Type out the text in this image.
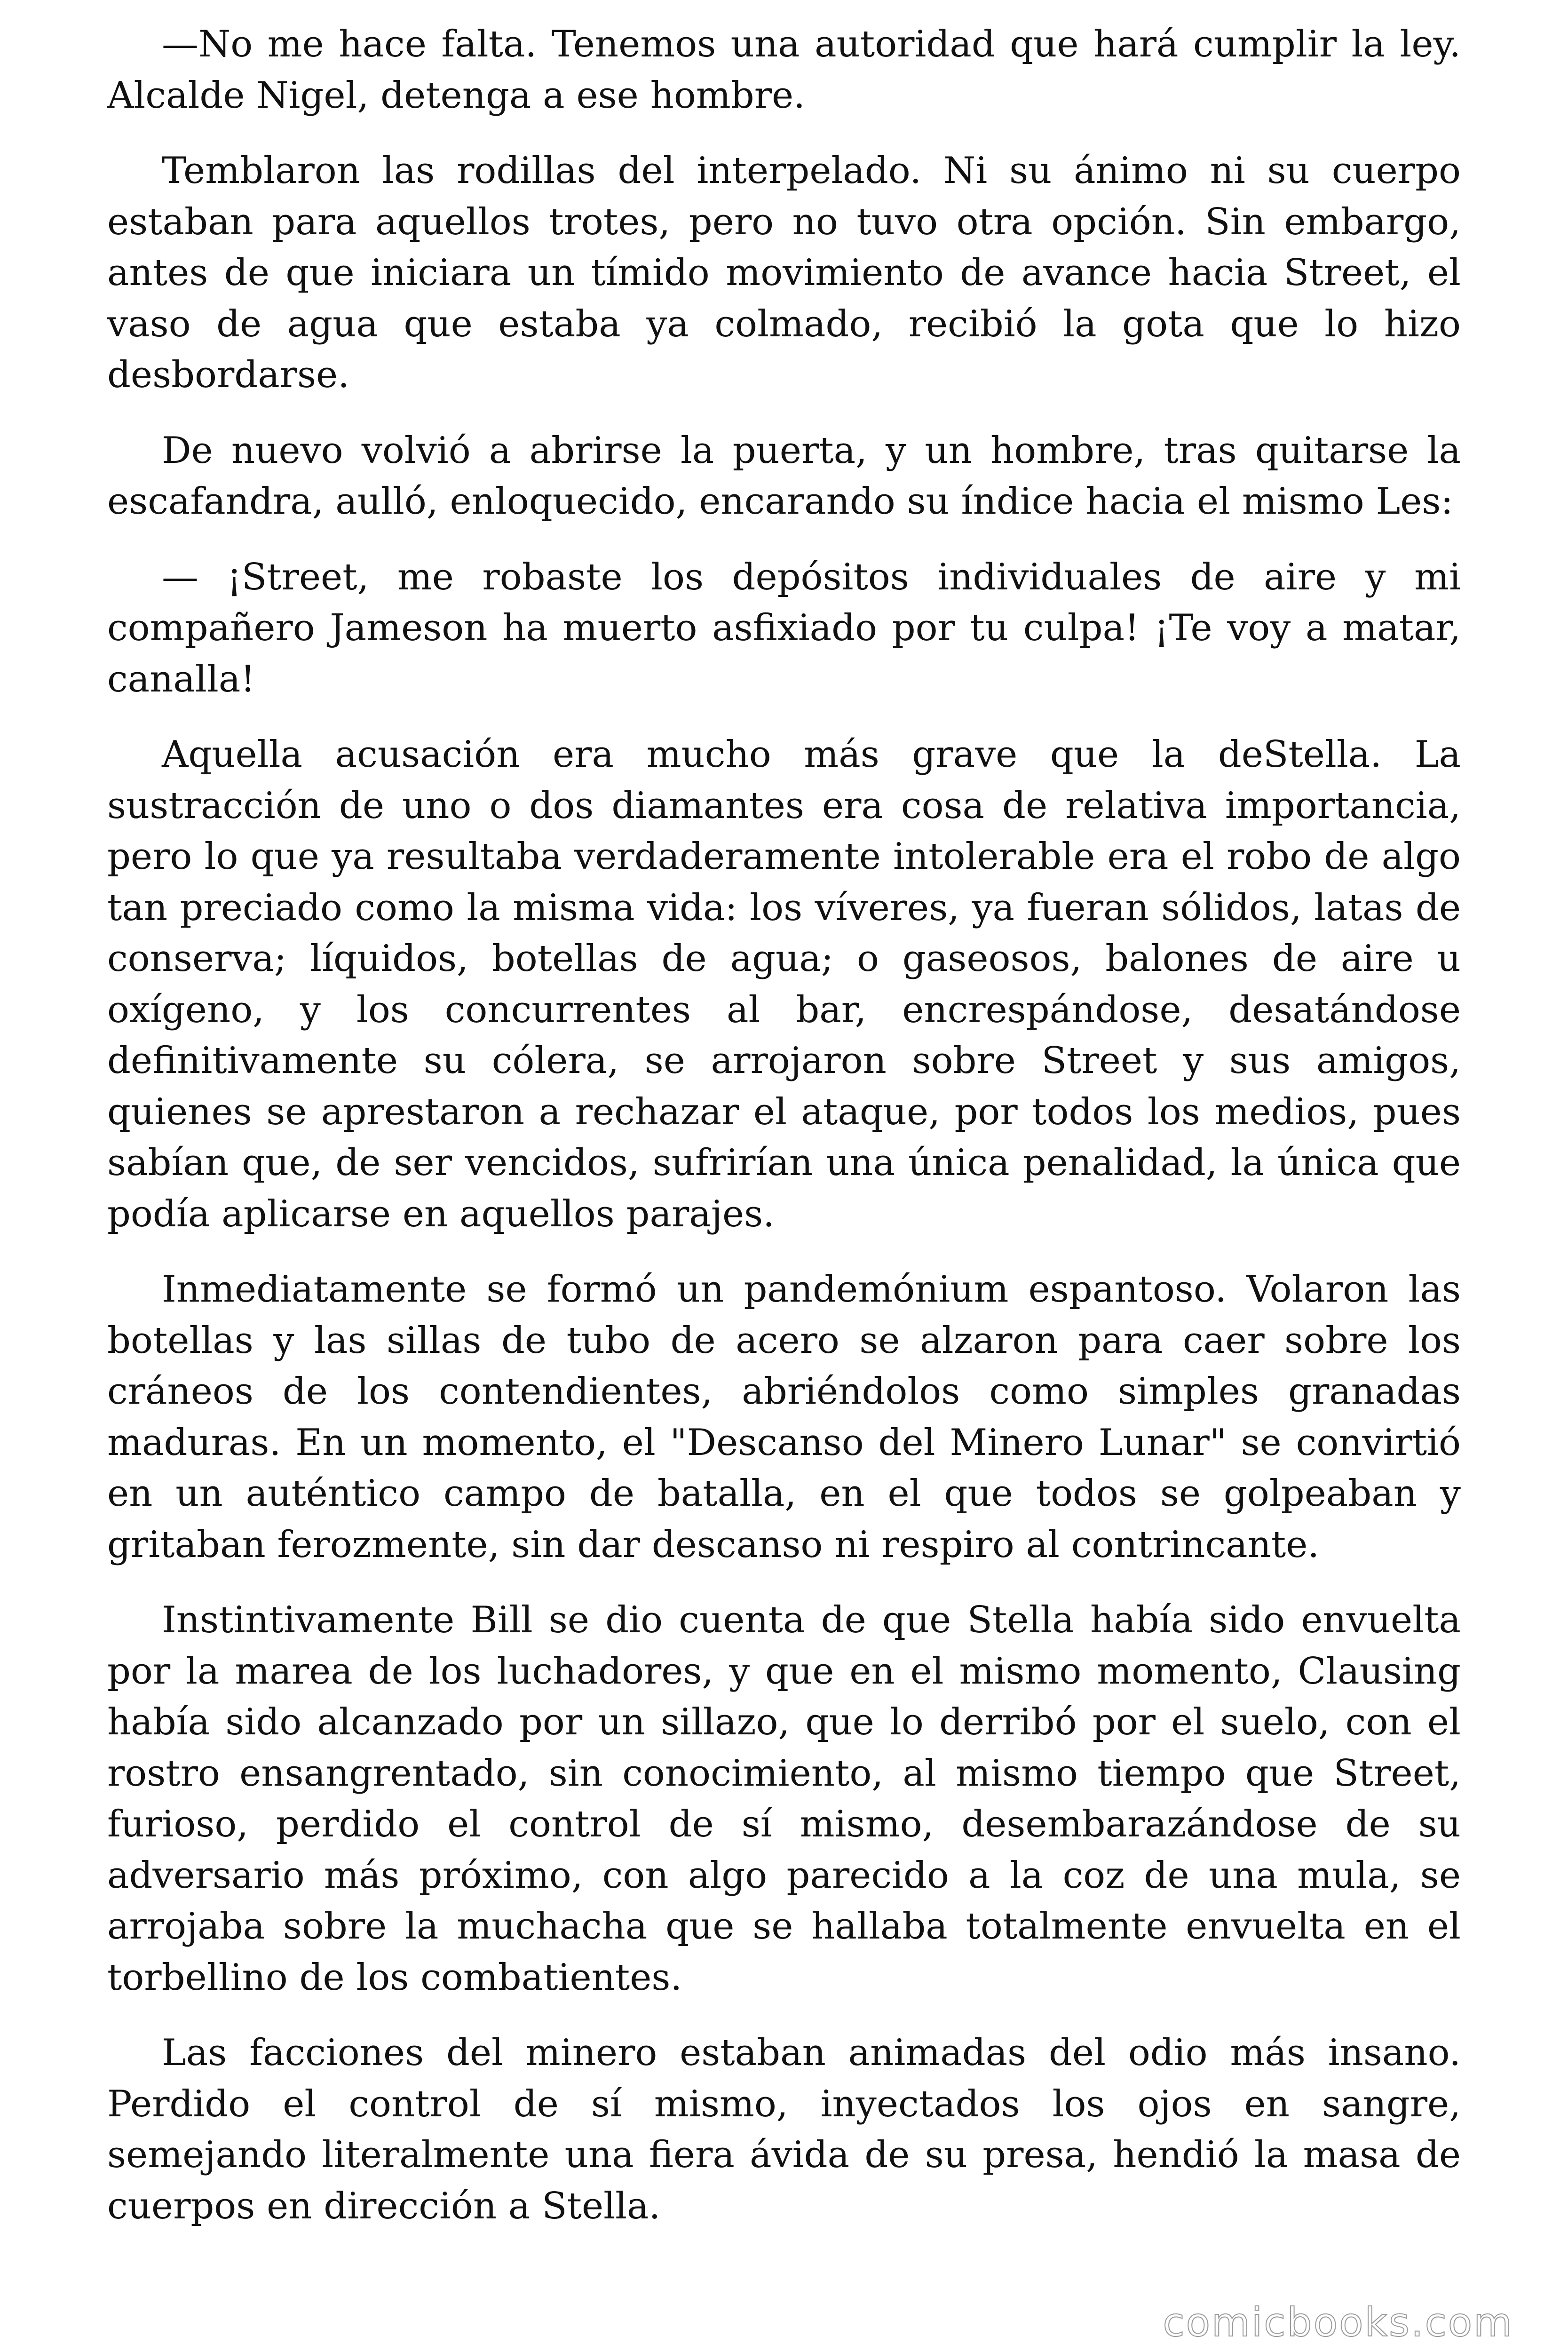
—No me hace falta. Tenemos una autoridad que hará cumplir la ley. Alcalde Nigel, detenga a ese hombre.

Temblaron las rodillas del interpelado. Ni su ánimo ni su cuerpo estaban para aquellos trotes, pero no tuvo otra opción. Sin embargo, antes de que iniciara un tímido movimiento de avance hacia Street, el vaso de agua que estaba ya colmado, recibió la gota que lo hizo desbordarse.

De nuevo volvió a abrirse la puerta, y un hombre, tras quitarse la escafandra, aulló, enloquecido, encarando su índice hacia el mismo Les:

— ¡Street, me robaste los depósitos individuales de aire y mi compañero Jameson ha muerto asfixiado por tu culpa! ¡Te voy a matar, canalla!

Aquella acusación era mucho más grave que la deStella. La sustracción de uno o dos diamantes era cosa de relativa importancia, pero lo que ya resultaba verdaderamente intolerable era el robo de algo tan preciado como la misma vida: los víveres, ya fueran sólidos, latas de conserva; líquidos, botellas de agua; o gaseosos, balones de aire u oxígeno, y los concurrentes al bar, encrespándose, desatándose definitivamente su cólera, se arrojaron sobre Street y sus amigos, quienes se aprestaron a rechazar el ataque, por todos los medios, pues sabían que, de ser vencidos, sufrirían una única penalidad, la única que podía aplicarse en aquellos parajes.

Inmediatamente se formó un pandemónium espantoso. Volaron las botellas y las sillas de tubo de acero se alzaron para caer sobre los cráneos de los contendientes, abriéndolos como simples granadas maduras. En un momento, el "Descanso del Minero Lunar" se convirtió en un auténtico campo de batalla, en el que todos se golpeaban y gritaban ferozmente, sin dar descanso ni respiro al contrincante.

Instintivamente Bill se dio cuenta de que Stella había sido envuelta por la marea de los luchadores, y que en el mismo momento, Clausing había sido alcanzado por un sillazo, que lo derribó por el suelo, con el rostro ensangrentado, sin conocimiento, al mismo tiempo que Street, furioso, perdido el control de sí mismo, desembarazándose de su adversario más próximo, con algo parecido a la coz de una mula, se arrojaba sobre la muchacha que se hallaba totalmente envuelta en el torbellino de los combatientes.

Las facciones del minero estaban animadas del odio más insano. Perdido el control de sí mismo, inyectados los ojos en sangre, semejando literalmente una fiera ávida de su presa, hendió la masa de cuerpos en dirección a Stella.

comicbooks.com
